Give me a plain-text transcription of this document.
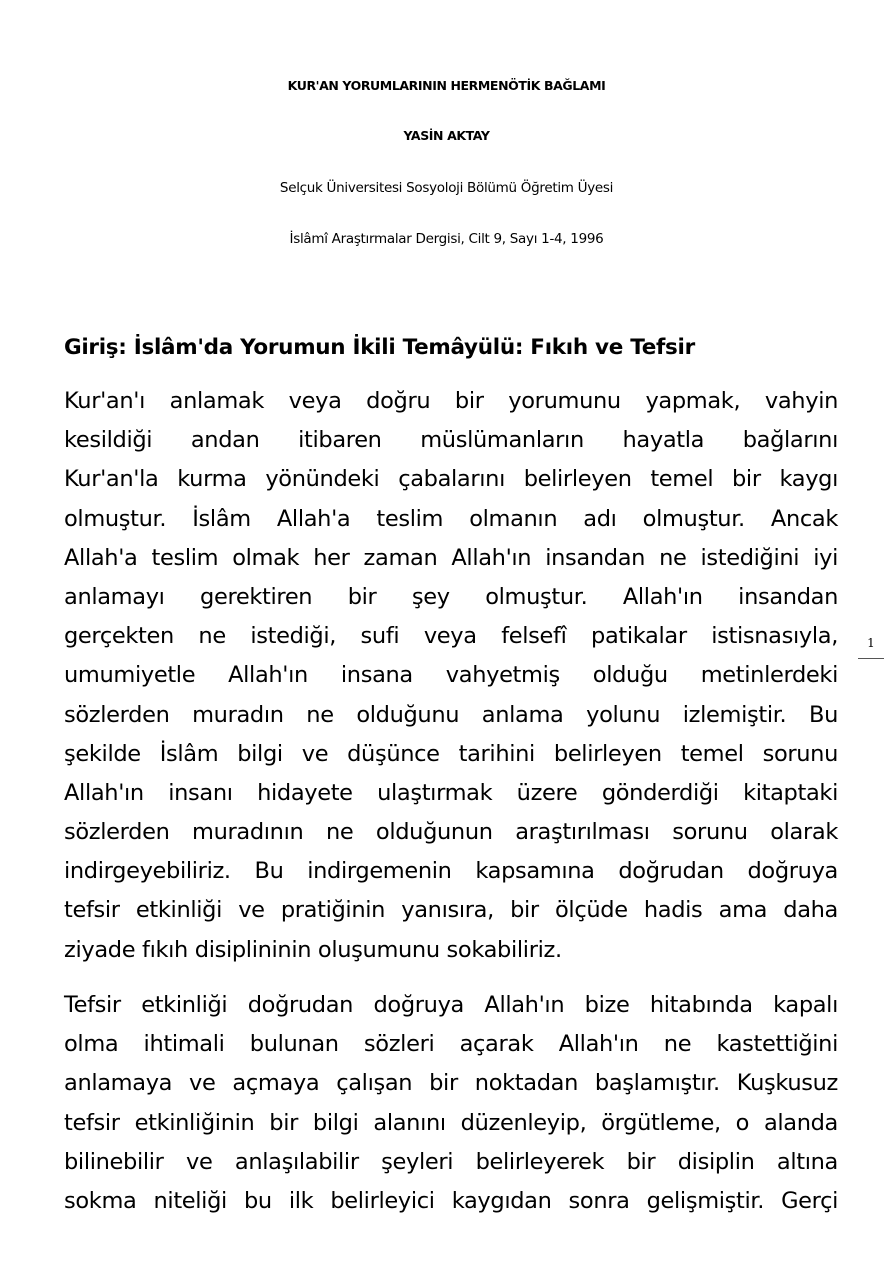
KUR'AN YORUMLARININ HERMENÖTİK BAĞLAMI
YASİN AKTAY
Selçuk Üniversitesi Sosyoloji Bölümü Öğretim Üyesi
İslâmî Araştırmalar Dergisi, Cilt 9, Sayı 1-4, 1996
Giriş: İslâm'da Yorumun İkili Temâyülü: Fıkıh ve Tefsir
Kur'an'ı anlamak veya doğru bir yorumunu yapmak, vahyin
kesildiği andan itibaren müslümanların hayatla bağlarını
Kur'an'la kurma yönündeki çabalarını belirleyen temel bir kaygı
olmuştur. İslâm Allah'a teslim olmanın adı olmuştur. Ancak
Allah'a teslim olmak her zaman Allah'ın insandan ne istediğini iyi
anlamayı gerektiren bir şey olmuştur. Allah'ın insandan
gerçekten ne istediği, sufi veya felsefî patikalar istisnasıyla,
umumiyetle Allah'ın insana vahyetmiş olduğu metinlerdeki
sözlerden muradın ne olduğunu anlama yolunu izlemiştir. Bu
şekilde İslâm bilgi ve düşünce tarihini belirleyen temel sorunu
Allah'ın insanı hidayete ulaştırmak üzere gönderdiği kitaptaki
sözlerden muradının ne olduğunun araştırılması sorunu olarak
indirgeyebiliriz. Bu indirgemenin kapsamına doğrudan doğruya
tefsir etkinliği ve pratiğinin yanısıra, bir ölçüde hadis ama daha
ziyade fıkıh disiplininin oluşumunu sokabiliriz.
Tefsir etkinliği doğrudan doğruya Allah'ın bize hitabında kapalı
olma ihtimali bulunan sözleri açarak Allah'ın ne kastettiğini
anlamaya ve açmaya çalışan bir noktadan başlamıştır. Kuşkusuz
tefsir etkinliğinin bir bilgi alanını düzenleyip, örgütleme, o alanda
bilinebilir ve anlaşılabilir şeyleri belirleyerek bir disiplin altına
sokma niteliği bu ilk belirleyici kaygıdan sonra gelişmiştir. Gerçi
1
